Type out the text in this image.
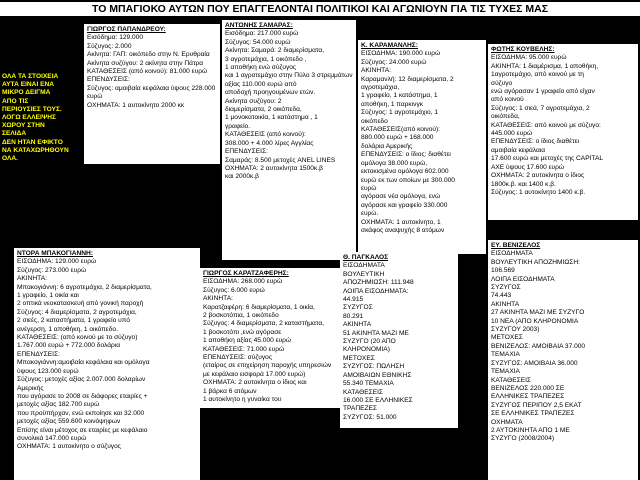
ΤΟ ΜΠΑΓΙΟΚΟ ΑΥΤΩΝ ΠΟΥ ΕΠΑΓΓΕΛΟΝΤΑΙ ΠΟΛΙΤΙΚΟΙ ΚΑΙ ΑΓΩΝΙΟΥΝ ΓΙΑ ΤΙΣ ΤΥΧΕΣ ΜΑΣ
ΟΛΑ ΤΑ ΣΤΟΙΧΕΙΑ
ΑΥΤΑ ΕΙΝΑΙ ΕΝΑ
ΜΙΚΡΟ ΔΕΙΓΜΑ
ΑΠΟ ΤΙΣ
ΠΕΡΙΟΥΣΙΕΣ ΤΟΥΣ.
ΛΟΓΩ ΕΛΛΕΙΨΗΣ
ΧΩΡΟΥ ΣΤΗΝ
ΣΕΛΙΔΑ
ΔΕΝ ΗΤΑΝ ΕΦΙΚΤΟ
ΝΑ ΚΑΤΑΧΩΡΗΘΟΥΝ
ΟΛΑ.
ΓΙΩΡΓΟΣ ΠΑΠΑΝΔΡΕΟΥ:
Εισόδημα: 129.000
Σύζυγος: 2.000
Ακίνητα: ΓΑΠ: οικόπεδο στην Ν. Ερυθραία
Ακίνητα συζύγου: 2 ακίνητα στην Πάτρα
ΚΑΤΑΘΕΣΕΙΣ (από κοινού): 81.000 ευρώ
ΕΠΕΝΔΥΣΕΙΣ:
Σύζυγος: αμοιβαία κεφάλαια ύψους 228.000 ευρώ
ΟΧΗΜΑΤΑ: 1 αυτοκίνητο 2000 κκ
ΑΝΤΩΝΗΣ ΣΑΜΑΡΑΣ:
Εισόδημα: 217.000 ευρώ
Σύζυγος: 54.000 ευρώ
Ακίνητα: Σαμαρά: 2 διαμερίσματα,
3 αγροτεμάχια, 1 οικόπεδο ,
1 αποθήκη ενώ σύζυγος
και 1 αγροτεμάχιο στην Πύλο 3 στρεμμάτων
αξίας 110.000 ευρώ από
αποδοχή προηγουμένων ετών.
Ακίνητα συζύγου: 2
διαμερίσματα, 2 οικόπεδα,
1 μονοκατοικία, 1 κατάστημα , 1
γραφείο.
ΚΑΤΑΘΕΣΕΙΣ (από κοινού):
308.000 + 4.000 λίρες Αγγλίας
ΕΠΕΝΔΥΣΕΙΣ:
Σαμαράς: 8.500 μετοχές ANEL LINES
ΟΧΗΜΑΤΑ: 2 αυτοκίνητα 1500κ.β
και 2000κ.β
Κ. ΚΑΡΑΜΑΝΛΗΣ:
ΕΙΣΟΔΗΜΑ: 190.000 ευρώ
Σύζυγος: 24.000 ευρώ
ΑΚΙΝΗΤΑ:
Καραμανλή: 12 διαμερίσματα, 2 αγροτεμάχια,
1 γραφείο, 1 κατάστημα, 1
αποθήκη, 1 παρκινγκ
Σύζυγος: 1 αγροτεμάχιο, 1
οικόπεδο
ΚΑΤΑΘΕΣΕΙΣ(από κοινού):
880.000 ευρώ + 168.000
δολάρια Αμερικής
ΕΠΕΝΔΥΣΕΙΣ: ο ίδιος: διαθέτει
ομόλογα 38.000 ευρώ,
εκτοκισμένα ομόλογα 602.000
ευρώ εκ των οποίων με 300.000
ευρώ
αγόρασε νέα ομόλογα, ενώ
αγόρασε και γραφείο 330.000
ευρώ.
ΟΧΗΜΑΤΑ: 1 αυτοκίνητο, 1
σκάφος αναψυχής 8 ατόμων
ΦΩΤΗΣ ΚΟΥΒΕΛΗΣ:
ΕΙΣΟΔΗΜΑ: 95.000 ευρώ
ΑΚΙΝΗΤΑ: 1 διαμέρισμα, 1 αποθήκη,
1αγροτεμάχιο, από κοινού με τη
σύζυγο
ενώ αγόρασαν 1 γραφείο από είχαν
από κοινού
Σύζυγος: 1 σιεά, 7 αγροτεμάχια, 2
οικόπεδα,
ΚΑΤΑΘΕΣΕΙΣ: από κοινού με σύζυγο:
445.000 ευρώ
ΕΠΕΝΔΥΣΕΙΣ: ο ίδιος διαθέτει
αμοιβαία κεφάλαια
17.600 ευρώ και μετοχές της CAPITAL
AXE ύψους 17.600 ευρώ
ΟΧΗΜΑΤΑ: 2 αυτοκίνητα ο ίδιος
1800κ.β. και 1400 κ.β.
Σύζυγος: 1 αυτοκίνητο 1400 κ.β.
ΝΤΟΡΑ ΜΠΑΚΟΓΙΑΝΝΗ:
ΕΙΣΟΔΗΜΑ: 129.000 ευρώ
Σύζυγος: 273.000 ευρώ
ΑΚΙΝΗΤΑ:
Μπακογιάννη: 6 αγροτεμάχια, 2 διαμερίσματα,
1 γραφείο, 1 οικία και
2 οπτικά νεοκατασκευή από γονική παροχή
Σύζυγος: 4 διαμερίσματα, 2 αγροτεμάχια,
2 σιεές, 2 καταστήματα, 1 γραφείο υπό
ανέγερση, 1 αποθήκη, 1 οικόπεδο.
ΚΑΤΑΘΕΣΕΙΣ: (από κοινού με το σύζυγο)
1.767.000 ευρώ + 772.000 δολάρια
ΕΠΕΝΔΥΣΕΙΣ:
Μπακογιάννη:αμοιβαία κεφάλαια και ομόλογα
ύψους 123.000 ευρώ
Σύζυγος: μετοχές αξίας 2.007.000 δολαρίων
Αμερικής
που αγόρασε το 2008 σε διάφορες εταιρίες +
μετοχές αξίας 182.700 ευρώ
που προϋπήρχαν, ενώ εκποίησε και 32.000
μετοχές αξίας 559.600 κοινόψηφων
Επίσης είναι μέτοχος σε εταιρίες με κεφάλαιο
συνολικά 147.000 ευρώ
ΟΧΗΜΑΤΑ: 1 αυτοκίνητο ο σύζυγος
ΓΙΩΡΓΟΣ ΚΑΡΑΤΖΑΦΕΡΗΣ:
ΕΙΣΟΔΗΜΑ: 268.000 ευρώ
Σύζυγος: 6.000 ευρώ
ΑΚΙΝΗΤΑ:
Καρατζαφέρη: 6 διαμερίσματα, 1 οικία,
2 βοσκοτόπια, 1 οικόπεδο
Σύζυγος: 4 διαμερίσματα, 2 καταστήματα,
1 βοσκοτόπι ,ενώ αγόρασε
1 αποθήκη αξίας 45.000 ευρώ
ΚΑΤΑΘΕΣΕΙΣ: 71.000 ευρώ
ΕΠΕΝΔΥΣΕΙΣ: σύζυγος
(εταίρος σε επιχείρηση παροχής υπηρεσιών
με κεφάλαιο εισφορά 17.000 ευρώ)
ΟΧΗΜΑΤΑ: 2 αυτοκίνητα ο ίδιος και
1 βάρκα 6 ατόμων
1 αυτοκίνητο η γυναίκα του
Θ. ΠΑΓΚΑΛΟΣ
ΕΙΣΟΔΗΜΑΤΑ
ΒΟΥΛΕΥΤΙΚΗ
ΑΠΟΖΗΜΙΩΣΗ: 111.948
ΛΟΙΠΑ ΕΙΣΟΔΗΜΑΤΑ:
44.915
ΣΥΖΥΓΟΣ
80.291
ΑΚΙΝΗΤΑ
51 ΑΚΙΝΗΤΑ ΜΑΖΙ ΜΕ
ΣΥΖΥΓΟ (20 ΑΠΟ
ΚΛΗΡΟΝΟΜΙΑ)
ΜΕΤΟΧΕΣ
ΣΥΖΥΓΟΣ: ΠΩΛΗΣΗ
ΑΜΟΙΒΑΙΩΝ ΕΘΝΙΚΗΣ
55.340 ΤΕΜΑΧΙΑ
ΚΑΤΑΘΕΣΕΙΣ
16.000 ΣΕ ΕΛΛΗΝΙΚΕΣ
ΤΡΑΠΕΖΕΣ
ΣΥΖΥΓΟΣ: 51.000
ΕΥ. ΒΕΝΙΖΕΛΟΣ
ΕΙΣΟΔΗΜΑΤΑ
ΒΟΥΛΕΥΤΙΚΗ ΑΠΟΖΗΜΙΩΣΗ:
106.569
ΛΟΙΠΑ ΕΙΣΟΔΗΜΑΤΑ
ΣΥΖΥΓΟΣ
74.443
ΑΚΙΝΗΤΑ
27 ΑΚΙΝΗΤΑ ΜΑΖΙ ΜΕ ΣΥΖΥΓΟ
10 ΝΕΑ (ΑΠΟ ΚΛΗΡΟΝΟΜΙΑ
ΣΥΖΥΓΟΥ 2003)
ΜΕΤΟΧΕΣ
ΒΕΝΙΖΕΛΟΣ: ΑΜΟΙΒΑΙΑ 37.000
ΤΕΜΑΧΙΑ
ΣΥΖΥΓΟΣ: ΑΜΟΙΒΑΙΑ 36.000
ΤΕΜΑΧΙΑ
ΚΑΤΑΘΕΣΕΙΣ
ΒΕΝΙΖΕΛΟΣ 220.000 ΣΕ
ΕΛΛΗΝΙΚΕΣ ΤΡΑΠΕΖΕΣ
ΣΥΖΥΓΟΣ ΠΕΡΙΠΟΥ 2,5 ΕΚΑΤ
ΣΕ ΕΛΛΗΝΙΚΕΣ ΤΡΑΠΕΖΕΣ
ΟΧΗΜΑΤΑ
2 ΑΥΤΟΚΙΝΗΤΑ ΑΠΟ 1 ΜΕ
ΣΥΖΥΓΟ (2008/2004)
